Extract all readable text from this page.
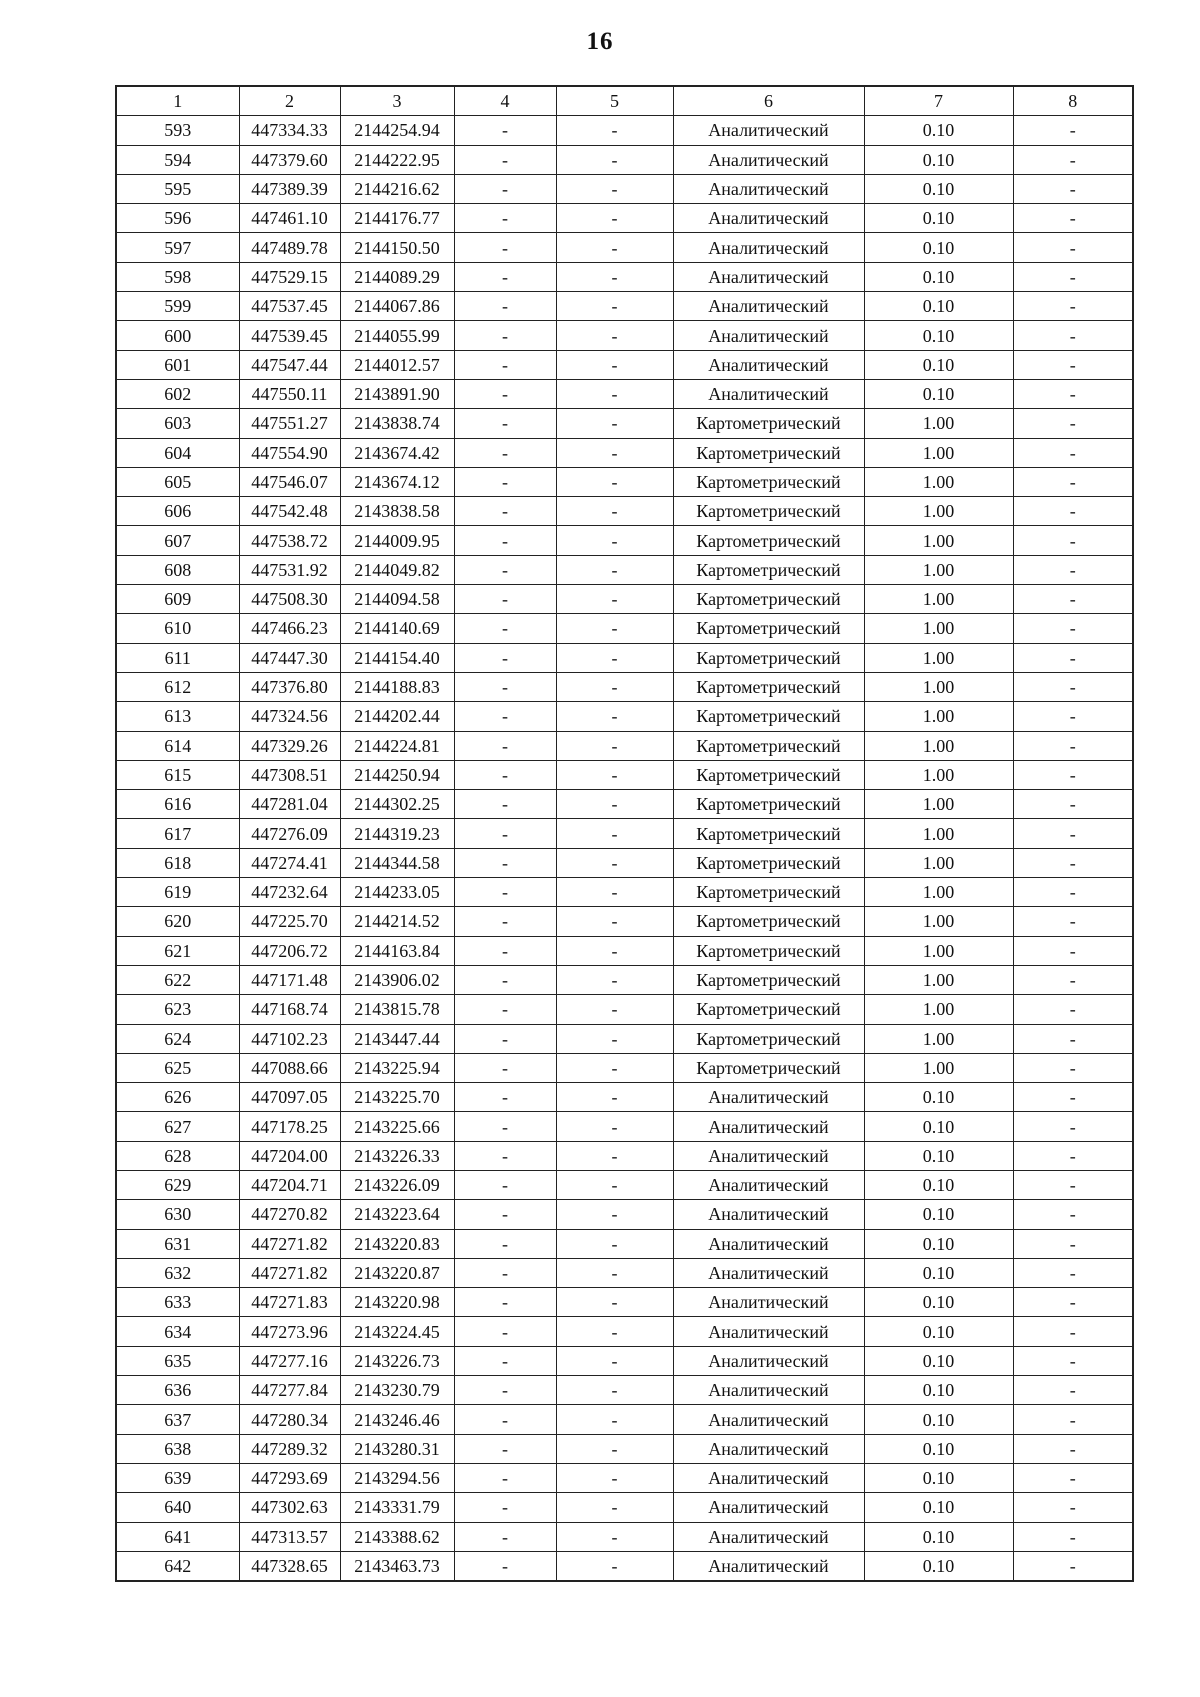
16
1	2	3	4	5	6	7	8
593	447334.33	2144254.94	-	-	Аналитический	0.10	-
594	447379.60	2144222.95	-	-	Аналитический	0.10	-
595	447389.39	2144216.62	-	-	Аналитический	0.10	-
596	447461.10	2144176.77	-	-	Аналитический	0.10	-
597	447489.78	2144150.50	-	-	Аналитический	0.10	-
598	447529.15	2144089.29	-	-	Аналитический	0.10	-
599	447537.45	2144067.86	-	-	Аналитический	0.10	-
600	447539.45	2144055.99	-	-	Аналитический	0.10	-
601	447547.44	2144012.57	-	-	Аналитический	0.10	-
602	447550.11	2143891.90	-	-	Аналитический	0.10	-
603	447551.27	2143838.74	-	-	Картометрический	1.00	-
604	447554.90	2143674.42	-	-	Картометрический	1.00	-
605	447546.07	2143674.12	-	-	Картометрический	1.00	-
606	447542.48	2143838.58	-	-	Картометрический	1.00	-
607	447538.72	2144009.95	-	-	Картометрический	1.00	-
608	447531.92	2144049.82	-	-	Картометрический	1.00	-
609	447508.30	2144094.58	-	-	Картометрический	1.00	-
610	447466.23	2144140.69	-	-	Картометрический	1.00	-
611	447447.30	2144154.40	-	-	Картометрический	1.00	-
612	447376.80	2144188.83	-	-	Картометрический	1.00	-
613	447324.56	2144202.44	-	-	Картометрический	1.00	-
614	447329.26	2144224.81	-	-	Картометрический	1.00	-
615	447308.51	2144250.94	-	-	Картометрический	1.00	-
616	447281.04	2144302.25	-	-	Картометрический	1.00	-
617	447276.09	2144319.23	-	-	Картометрический	1.00	-
618	447274.41	2144344.58	-	-	Картометрический	1.00	-
619	447232.64	2144233.05	-	-	Картометрический	1.00	-
620	447225.70	2144214.52	-	-	Картометрический	1.00	-
621	447206.72	2144163.84	-	-	Картометрический	1.00	-
622	447171.48	2143906.02	-	-	Картометрический	1.00	-
623	447168.74	2143815.78	-	-	Картометрический	1.00	-
624	447102.23	2143447.44	-	-	Картометрический	1.00	-
625	447088.66	2143225.94	-	-	Картометрический	1.00	-
626	447097.05	2143225.70	-	-	Аналитический	0.10	-
627	447178.25	2143225.66	-	-	Аналитический	0.10	-
628	447204.00	2143226.33	-	-	Аналитический	0.10	-
629	447204.71	2143226.09	-	-	Аналитический	0.10	-
630	447270.82	2143223.64	-	-	Аналитический	0.10	-
631	447271.82	2143220.83	-	-	Аналитический	0.10	-
632	447271.82	2143220.87	-	-	Аналитический	0.10	-
633	447271.83	2143220.98	-	-	Аналитический	0.10	-
634	447273.96	2143224.45	-	-	Аналитический	0.10	-
635	447277.16	2143226.73	-	-	Аналитический	0.10	-
636	447277.84	2143230.79	-	-	Аналитический	0.10	-
637	447280.34	2143246.46	-	-	Аналитический	0.10	-
638	447289.32	2143280.31	-	-	Аналитический	0.10	-
639	447293.69	2143294.56	-	-	Аналитический	0.10	-
640	447302.63	2143331.79	-	-	Аналитический	0.10	-
641	447313.57	2143388.62	-	-	Аналитический	0.10	-
642	447328.65	2143463.73	-	-	Аналитический	0.10	-
